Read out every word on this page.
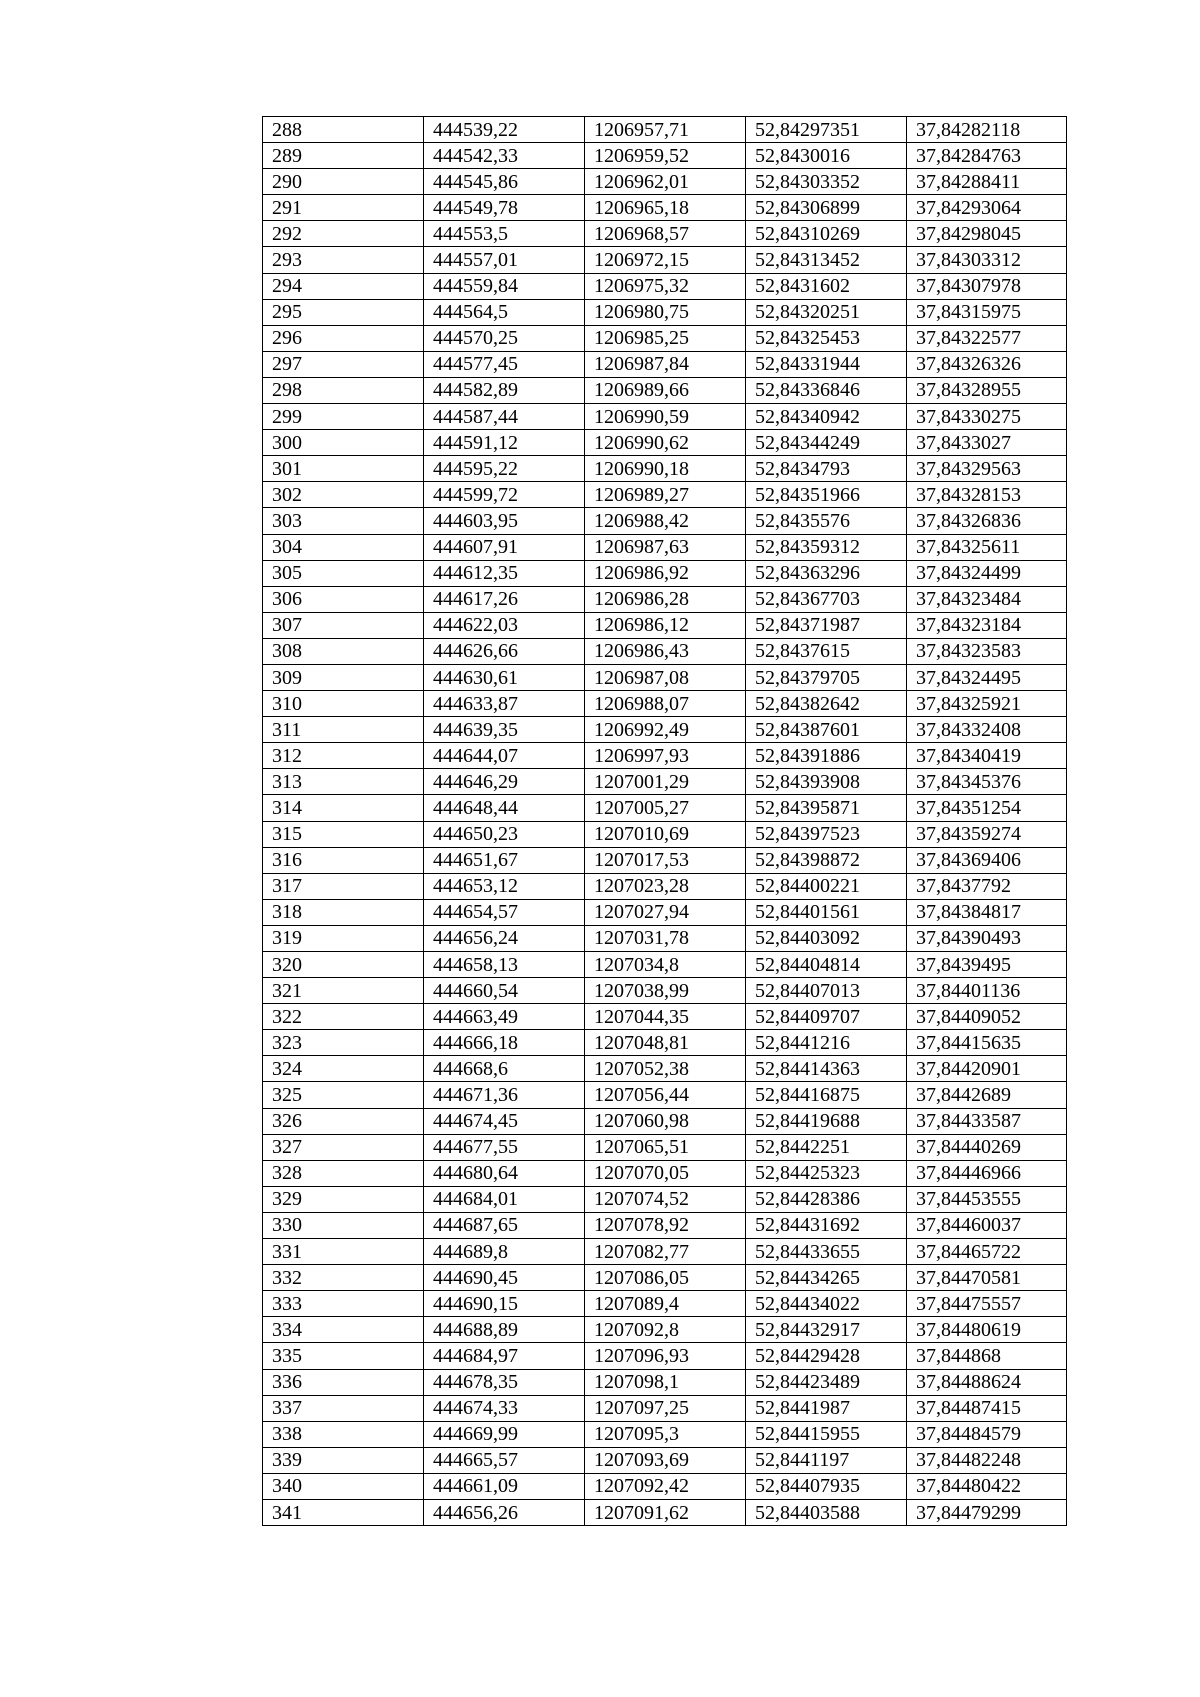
288	444539,22	1206957,71	52,84297351	37,84282118
289	444542,33	1206959,52	52,8430016	37,84284763
290	444545,86	1206962,01	52,84303352	37,84288411
291	444549,78	1206965,18	52,84306899	37,84293064
292	444553,5	1206968,57	52,84310269	37,84298045
293	444557,01	1206972,15	52,84313452	37,84303312
294	444559,84	1206975,32	52,8431602	37,84307978
295	444564,5	1206980,75	52,84320251	37,84315975
296	444570,25	1206985,25	52,84325453	37,84322577
297	444577,45	1206987,84	52,84331944	37,84326326
298	444582,89	1206989,66	52,84336846	37,84328955
299	444587,44	1206990,59	52,84340942	37,84330275
300	444591,12	1206990,62	52,84344249	37,8433027
301	444595,22	1206990,18	52,8434793	37,84329563
302	444599,72	1206989,27	52,84351966	37,84328153
303	444603,95	1206988,42	52,8435576	37,84326836
304	444607,91	1206987,63	52,84359312	37,84325611
305	444612,35	1206986,92	52,84363296	37,84324499
306	444617,26	1206986,28	52,84367703	37,84323484
307	444622,03	1206986,12	52,84371987	37,84323184
308	444626,66	1206986,43	52,8437615	37,84323583
309	444630,61	1206987,08	52,84379705	37,84324495
310	444633,87	1206988,07	52,84382642	37,84325921
311	444639,35	1206992,49	52,84387601	37,84332408
312	444644,07	1206997,93	52,84391886	37,84340419
313	444646,29	1207001,29	52,84393908	37,84345376
314	444648,44	1207005,27	52,84395871	37,84351254
315	444650,23	1207010,69	52,84397523	37,84359274
316	444651,67	1207017,53	52,84398872	37,84369406
317	444653,12	1207023,28	52,84400221	37,8437792
318	444654,57	1207027,94	52,84401561	37,84384817
319	444656,24	1207031,78	52,84403092	37,84390493
320	444658,13	1207034,8	52,84404814	37,8439495
321	444660,54	1207038,99	52,84407013	37,84401136
322	444663,49	1207044,35	52,84409707	37,84409052
323	444666,18	1207048,81	52,8441216	37,84415635
324	444668,6	1207052,38	52,84414363	37,84420901
325	444671,36	1207056,44	52,84416875	37,8442689
326	444674,45	1207060,98	52,84419688	37,84433587
327	444677,55	1207065,51	52,8442251	37,84440269
328	444680,64	1207070,05	52,84425323	37,84446966
329	444684,01	1207074,52	52,84428386	37,84453555
330	444687,65	1207078,92	52,84431692	37,84460037
331	444689,8	1207082,77	52,84433655	37,84465722
332	444690,45	1207086,05	52,84434265	37,84470581
333	444690,15	1207089,4	52,84434022	37,84475557
334	444688,89	1207092,8	52,84432917	37,84480619
335	444684,97	1207096,93	52,84429428	37,844868
336	444678,35	1207098,1	52,84423489	37,84488624
337	444674,33	1207097,25	52,8441987	37,84487415
338	444669,99	1207095,3	52,84415955	37,84484579
339	444665,57	1207093,69	52,8441197	37,84482248
340	444661,09	1207092,42	52,84407935	37,84480422
341	444656,26	1207091,62	52,84403588	37,84479299
